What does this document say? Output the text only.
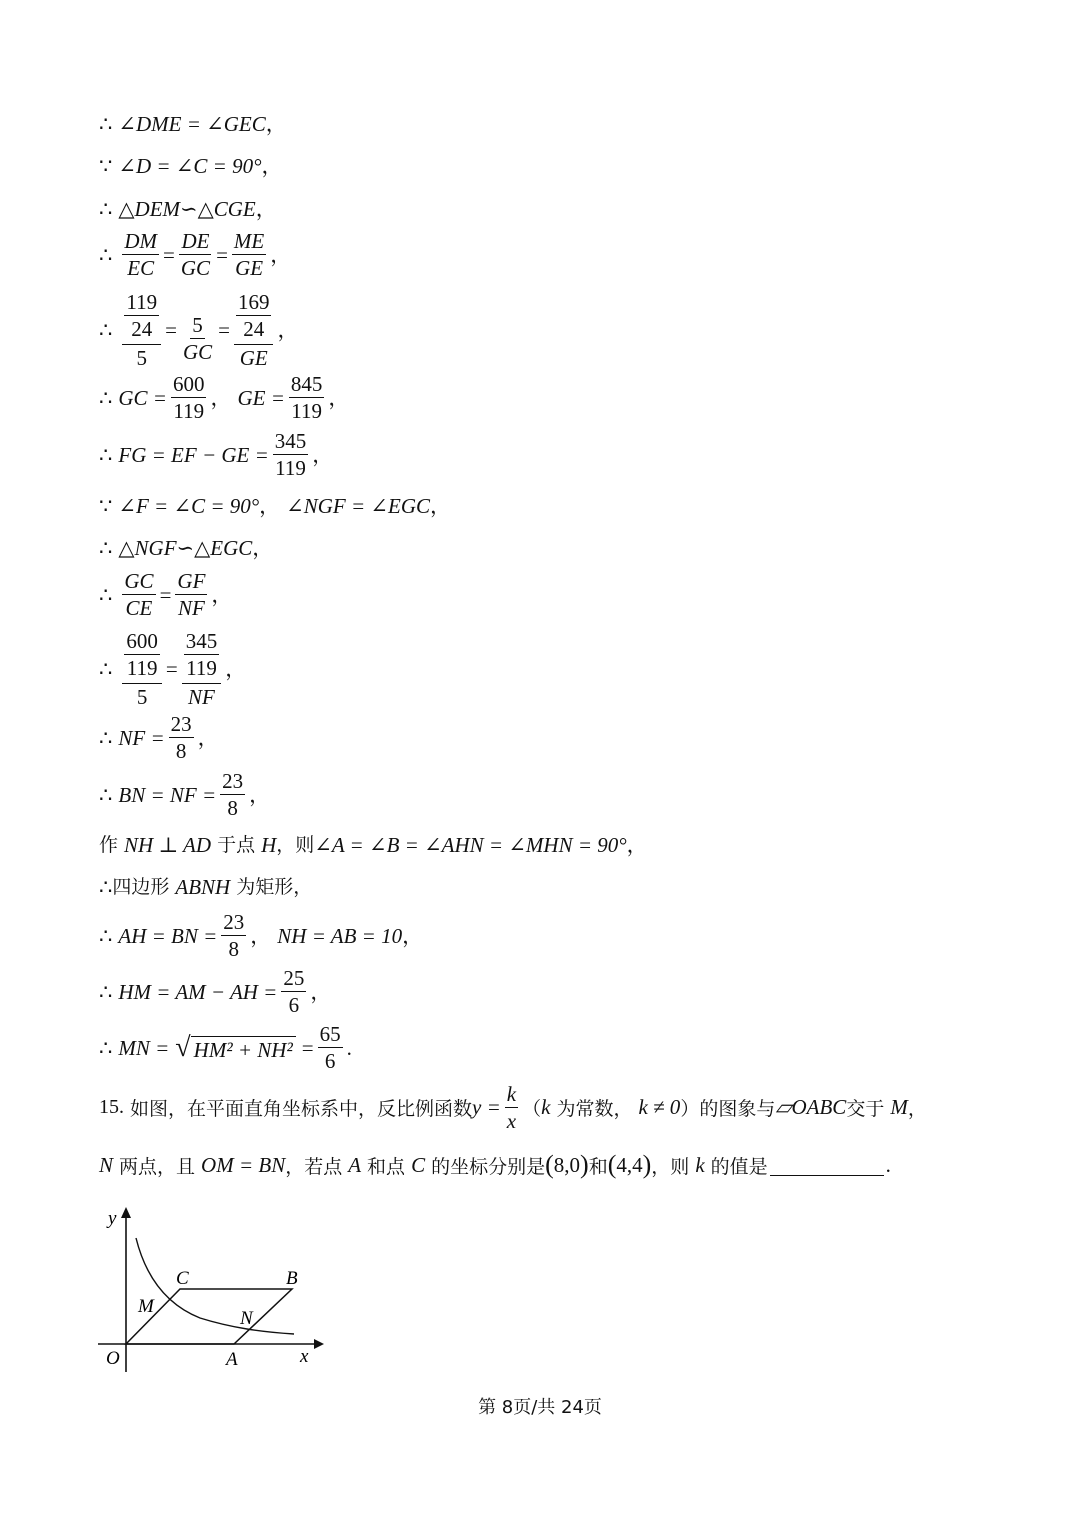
∴ ∠DME = ∠GEC ，
∵ ∠D = ∠C = 90° ，
∴ △DEM∽△CGE ，
∴ $\frac{DM}{EC} = \frac{DE}{GC} = \frac{ME}{GE}$ ，
∴ $\frac{\frac{119}{24}}{5} = \frac{5}{GC} = \frac{\frac{169}{24}}{GE}$ ，
∴ GC = $\frac{600}{119}$ ， GE = $\frac{845}{119}$ ，
∴ FG = EF − GE = $\frac{345}{119}$ ，
∵ ∠F = ∠C = 90° ， ∠NGF = ∠EGC ，
∴ △NGF∽△EGC ，
∴ $\frac{GC}{CE} = \frac{GF}{NF}$ ，
∴ $\frac{\frac{600}{119}}{5} = \frac{\frac{345}{119}}{NF}$ ，
∴ NF = $\frac{23}{8}$ ，
∴ BN = NF = $\frac{23}{8}$ ，
作 NH ⊥ AD 于点 H ，则 ∠A = ∠B = ∠AHN = ∠MHN = 90° ，
∴ 四边形 ABNH 为矩形，
∴ AH = BN = $\frac{23}{8}$ ， NH = AB = 10 ，
∴ HM = AM − AH = $\frac{25}{6}$ ，
∴ MN = √ $HM^2 + NH^2 = \frac{65}{6}$ .
15. 如图，在平面直角坐标系中，反比例函数 $y = \frac{k}{x}$ （ k 为常数， k ≠ 0 ）的图象与 ▱OABC 交于 M ，
N 两点，且 OM = BN ，若点 A 和点 C 的坐标分别是 ( 8,0 ) 和 ( 4,4 ) ，则 k 的值是	.
y
x
O	A
B
C
M
N
第 8页/共 24页
